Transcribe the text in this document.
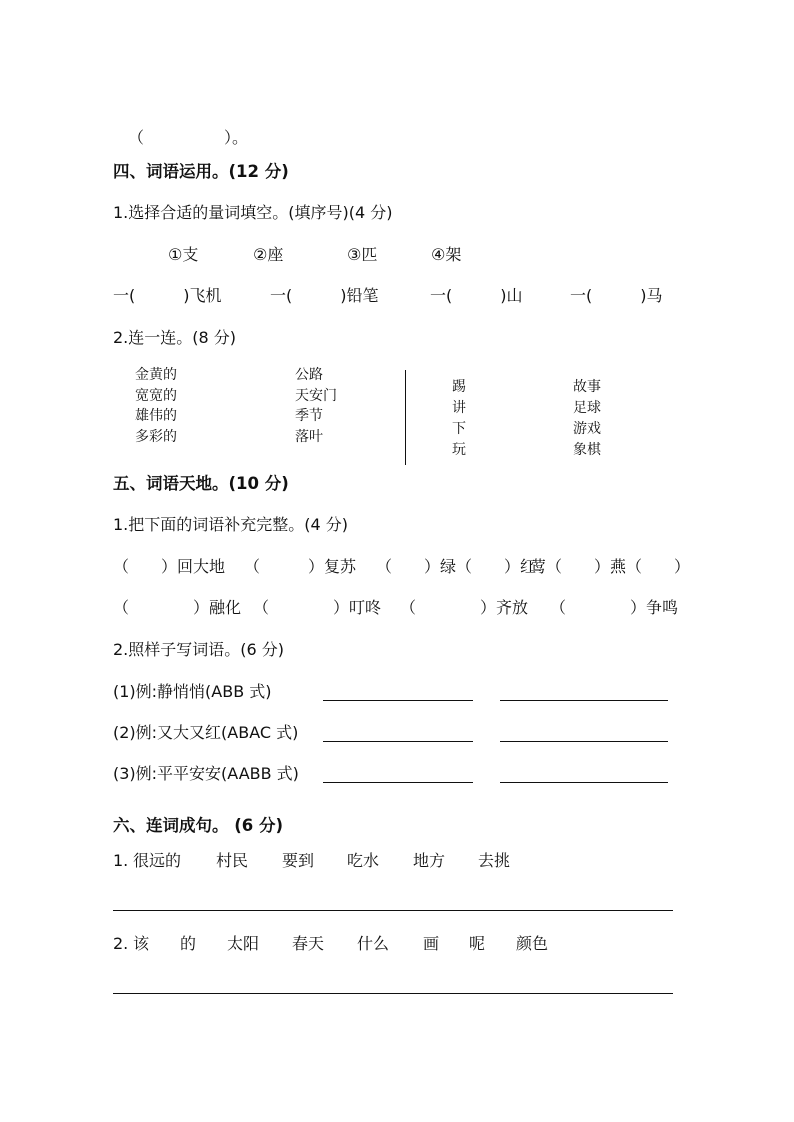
（　　　　　）。
四、词语运用。(12 分)
1.选择合适的量词填空。(填序号)(4 分)
①支	②座	③匹	④架
一(　　　)飞机	一(　　　)铅笔	一(　　　)山	一(　　　)马
2.连一连。(8 分)
金黄的
宽宽的
雄伟的
多彩的
公路
天安门
季节
落叶
踢
讲
下
玩
故事
足球
游戏
象棋
五、词语天地。(10 分)
1.把下面的词语补充完整。(4 分)
（　　）回大地 （　　　）复苏 （　　）绿（　　）红
莺（　　）燕（　　）
（　　　　）融化 （　　　　）叮咚 （　　　　）齐放 （　　　　）争鸣
2.照样子写词语。(6 分)
(1)例:静悄悄(ABB 式)
(2)例:又大又红(ABAC 式)
(3)例:平平安安(AABB 式)
六、连词成句。 (6 分)
1. 很远的 村民 要到 吃水 地方 去挑
2. 该 的 太阳 春天 什么 画 呢 颜色
